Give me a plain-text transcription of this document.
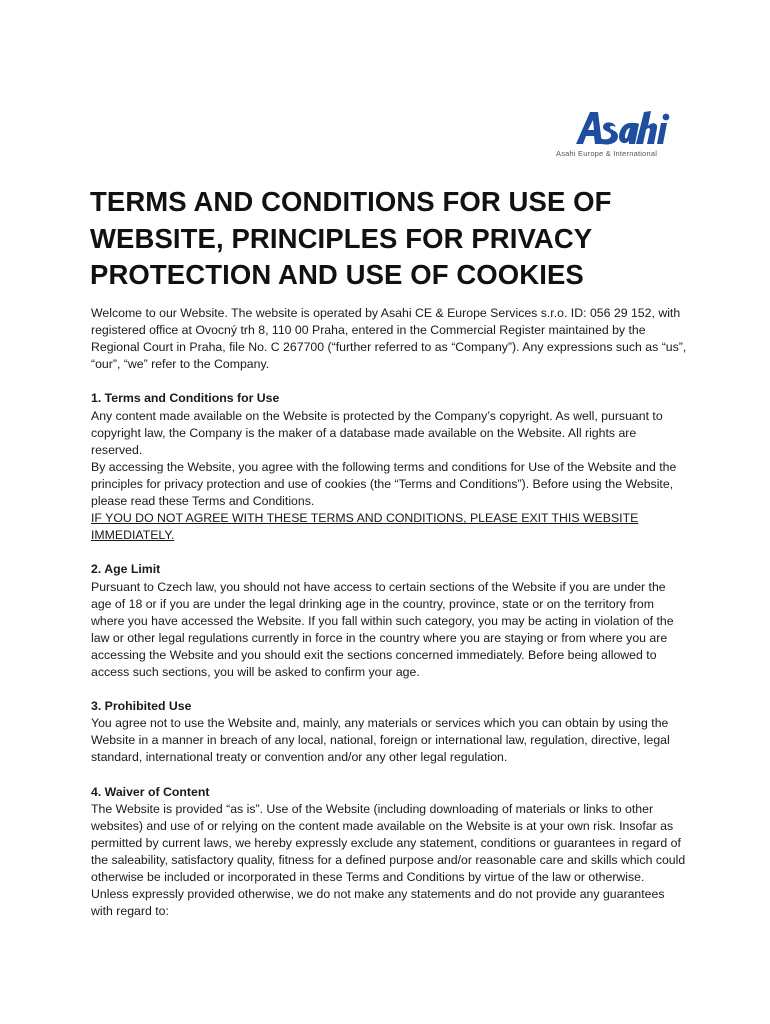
Asahi Europe & International
TERMS AND CONDITIONS FOR USE OF WEBSITE, PRINCIPLES FOR PRIVACY PROTECTION AND USE OF COOKIES

Welcome to our Website. The website is operated by Asahi CE & Europe Services s.r.o. ID: 056 29 152, with registered office at Ovocný trh 8, 110 00 Praha, entered in the Commercial Register maintained by the Regional Court in Praha, file No. C 267700 (“further referred to as “Company”). Any expressions such as “us”, “our”, “we” refer to the Company.

1. Terms and Conditions for Use

Any content made available on the Website is protected by the Company’s copyright. As well, pursuant to copyright law, the Company is the maker of a database made available on the Website. All rights are reserved.

By accessing the Website, you agree with the following terms and conditions for Use of the Website and the principles for privacy protection and use of cookies (the “Terms and Conditions”). Before using the Website, please read these Terms and Conditions.

IF YOU DO NOT AGREE WITH THESE TERMS AND CONDITIONS, PLEASE EXIT THIS WEBSITE IMMEDIATELY.

2. Age Limit

Pursuant to Czech law, you should not have access to certain sections of the Website if you are under the age of 18 or if you are under the legal drinking age in the country, province, state or on the territory from where you have accessed the Website. If you fall within such category, you may be acting in violation of the law or other legal regulations currently in force in the country where you are staying or from where you are accessing the Website and you should exit the sections concerned immediately. Before being allowed to access such sections, you will be asked to confirm your age.

3. Prohibited Use

You agree not to use the Website and, mainly, any materials or services which you can obtain by using the Website in a manner in breach of any local, national, foreign or international law, regulation, directive, legal standard, international treaty or convention and/or any other legal regulation.

4. Waiver of Content

The Website is provided “as is”. Use of the Website (including downloading of materials or links to other websites) and use of or relying on the content made available on the Website is at your own risk. Insofar as permitted by current laws, we hereby expressly exclude any statement, conditions or guarantees in regard of the saleability, satisfactory quality, fitness for a defined purpose and/or reasonable care and skills which could otherwise be included or incorporated in these Terms and Conditions by virtue of the law or otherwise.

Unless expressly provided otherwise, we do not make any statements and do not provide any guarantees with regard to:
